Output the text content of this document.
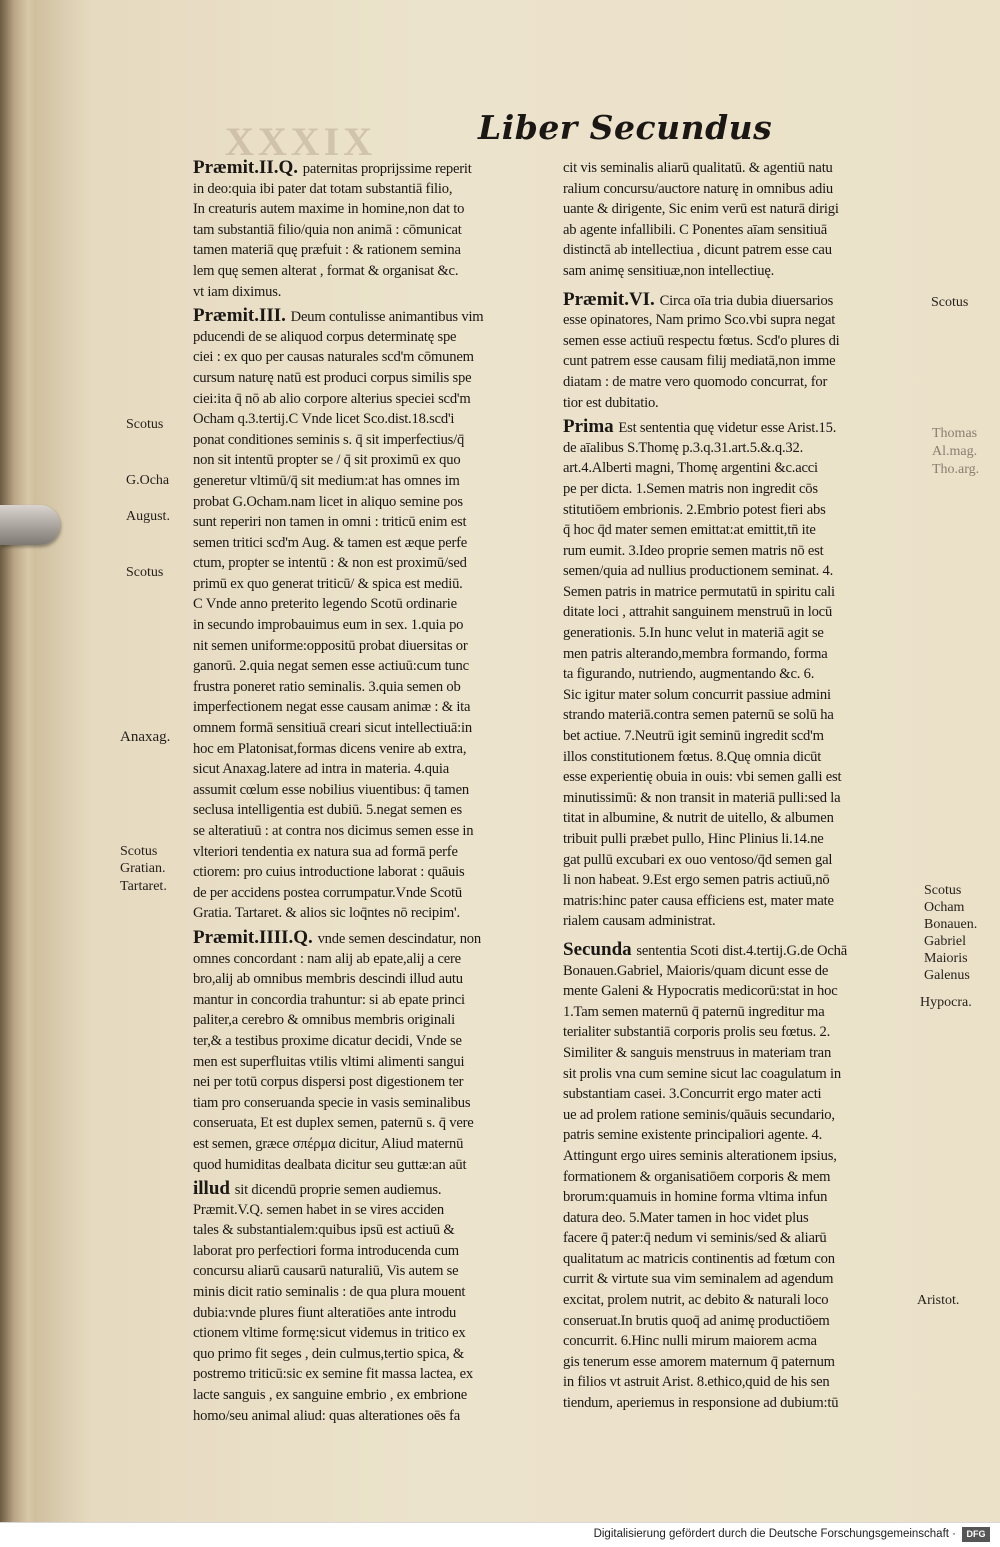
XXXIX	Liber Secundus
Præmit.II.Q. paternitas proprijssime reperit
in deo:quia ibi pater dat totam substantiā filio,
In creaturis autem maxime in homine,non dat to
tam substantiā filio/quia non animā : cōmunicat
tamen materiā quę præfuit : & rationem semina
lem quę semen alterat , format & organisat &c.
vt iam diximus.
Præmit.III. Deum contulisse animantibus vim
pducendi de se aliquod corpus determinatę spe
ciei : ex quo per causas naturales scd'm cōmunem
cursum naturę natū est produci corpus similis spe
ciei:ita q̄ nō ab alio corpore alterius speciei scd'm
Ocham q.3.tertij.C Vnde licet Sco.dist.18.scd'i
ponat conditiones seminis s. q̄ sit imperfectius/q̄
non sit intentū propter se / q̄ sit proximū ex quo
generetur vltimū/q̄ sit medium:at has omnes im
probat G.Ocham.nam licet in aliquo semine pos
sunt reperiri non tamen in omni : triticū enim est
semen tritici scd'm Aug. & tamen est æque perfe
ctum, propter se intentū : & non est proximū/sed
primū ex quo generat triticū/ & spica est mediū.
C Vnde anno preterito legendo Scotū ordinarie
in secundo improbauimus eum in sex. 1.quia po
nit semen uniforme:oppositū probat diuersitas or
ganorū. 2.quia negat semen esse actiuū:cum tunc
frustra poneret ratio seminalis. 3.quia semen ob
imperfectionem negat esse causam animæ : & ita
omnem formā sensitiuā creari sicut intellectiuā:in
hoc em Platonisat,formas dicens venire ab extra,
sicut Anaxag.latere ad intra in materia. 4.quia
assumit cœlum esse nobilius viuentibus: q̄ tamen
seclusa intelligentia est dubiū. 5.negat semen es
se alteratiuū : at contra nos dicimus semen esse in
vlteriori tendentia ex natura sua ad formā perfe
ctiorem: pro cuius introductione laborat : quāuis
de per accidens postea corrumpatur.Vnde Scotū
Gratia. Tartaret. & alios sic loq̄ntes nō recipim'.
Præmit.IIII.Q. vnde semen descindatur, non
omnes concordant : nam alij ab epate,alij a cere
bro,alij ab omnibus membris descindi illud autu
mantur in concordia trahuntur: si ab epate princi
paliter,a cerebro & omnibus membris originali
ter,& a testibus proxime dicatur decidi, Vnde se
men est superfluitas vtilis vltimi alimenti sangui
nei per totū corpus dispersi post digestionem ter
tiam pro conseruanda specie in vasis seminalibus
conseruata, Et est duplex semen, paternū s. q̄ vere
est semen, græce σπέρμα dicitur, Aliud maternū
quod humiditas dealbata dicitur seu guttæ:an aūt
illud sit dicendū proprie semen audiemus.
Præmit.V.Q. semen habet in se vires acciden
tales & substantialem:quibus ipsū est actiuū &
laborat pro perfectiori forma introducenda cum
concursu aliarū causarū naturaliū, Vis autem se
minis dicit ratio seminalis : de qua plura mouent
dubia:vnde plures fiunt alteratiōes ante introdu
ctionem vltime formę:sicut videmus in tritico ex
quo primo fit seges , dein culmus,tertio spica, &
postremo triticū:sic ex semine fit massa lactea, ex
lacte sanguis , ex sanguine embrio , ex embrione
homo/seu animal aliud: quas alterationes oēs fa
cit vis seminalis aliarū qualitatū. & agentiū natu
ralium concursu/auctore naturę in omnibus adiu
uante & dirigente, Sic enim verū est naturā dirigi
ab agente infallibili. C Ponentes aīam sensitiuā
distinctā ab intellectiua , dicunt patrem esse cau
sam animę sensitiuæ,non intellectiuę.
Præmit.VI. Circa oīa tria dubia diuersarios
esse opinatores, Nam primo Sco.vbi supra negat
semen esse actiuū respectu fœtus. Scd'o plures di
cunt patrem esse causam filij mediatā,non imme
diatam : de matre vero quomodo concurrat, for
tior est dubitatio.
Prima Est sententia quę videtur esse Arist.15.
de aīalibus S.Thomę p.3.q.31.art.5.&.q.32.
art.4.Alberti magni, Thomę argentini &c.acci
pe per dicta. 1.Semen matris non ingredit cōs
stitutiōem embrionis. 2.Embrio potest fieri abs
q̄ hoc q̄d mater semen emittat:at emittit,tn̄ ite
rum eumit. 3.Ideo proprie semen matris nō est
semen/quia ad nullius productionem seminat. 4.
Semen patris in matrice permutatū in spiritu cali
ditate loci , attrahit sanguinem menstruū in locū
generationis. 5.In hunc velut in materiā agit se
men patris alterando,membra formando, forma
ta figurando, nutriendo, augmentando &c. 6.
Sic igitur mater solum concurrit passiue admini
strando materiā.contra semen paternū se solū ha
bet actiue. 7.Neutrū igit seminū ingredit scd'm
illos constitutionem fœtus. 8.Quę omnia dicūt
esse experientię obuia in ouis: vbi semen galli est
minutissimū: & non transit in materiā pulli:sed la
titat in albumine, & nutrit de uitello, & albumen
tribuit pulli præbet pullo, Hinc Plinius li.14.ne
gat pullū excubari ex ouo ventoso/q̄d semen gal
li non habeat. 9.Est ergo semen patris actiuū,nō
matris:hinc pater causa efficiens est, mater mate
rialem causam administrat.
Secunda sententia Scoti dist.4.tertij.G.de Ochā
Bonauen.Gabriel, Maioris/quam dicunt esse de
mente Galeni & Hypocratis medicorū:stat in hoc
1.Tam semen maternū q̄ paternū ingreditur ma
terialiter substantiā corporis prolis seu fœtus. 2.
Similiter & sanguis menstruus in materiam tran
sit prolis vna cum semine sicut lac coagulatum in
substantiam casei. 3.Concurrit ergo mater acti
ue ad prolem ratione seminis/quāuis secundario,
patris semine existente principaliori agente. 4.
Attingunt ergo uires seminis alterationem ipsius,
formationem & organisatiōem corporis & mem
brorum:quamuis in homine forma vltima infun
datura deo. 5.Mater tamen in hoc videt plus
facere q̄ pater:q̄ nedum vi seminis/sed & aliarū
qualitatum ac matricis continentis ad fœtum con
currit & virtute sua vim seminalem ad agendum
excitat, prolem nutrit, ac debito & naturali loco
conseruat.In brutis quoq̄ ad animę productiōem
concurrit. 6.Hinc nulli mirum maiorem acma
gis tenerum esse amorem maternum q̄ paternum
in filios vt astruit Arist. 8.ethico,quid de his sen
tiendum, aperiemus in responsione ad dubium:tū
Scotus
G.Ocha
August.
Scotus
Anaxag.
Scotus
Gratian.
Tartaret.
Scotus
Thomas
Al.mag.
Tho.arg.
Scotus
Ocham
Bonauen.
Gabriel
Maioris
Galenus
Hypocra.
Aristot.
Digitalisierung gefördert durch die Deutsche Forschungsgemeinschaft ·	DFG
